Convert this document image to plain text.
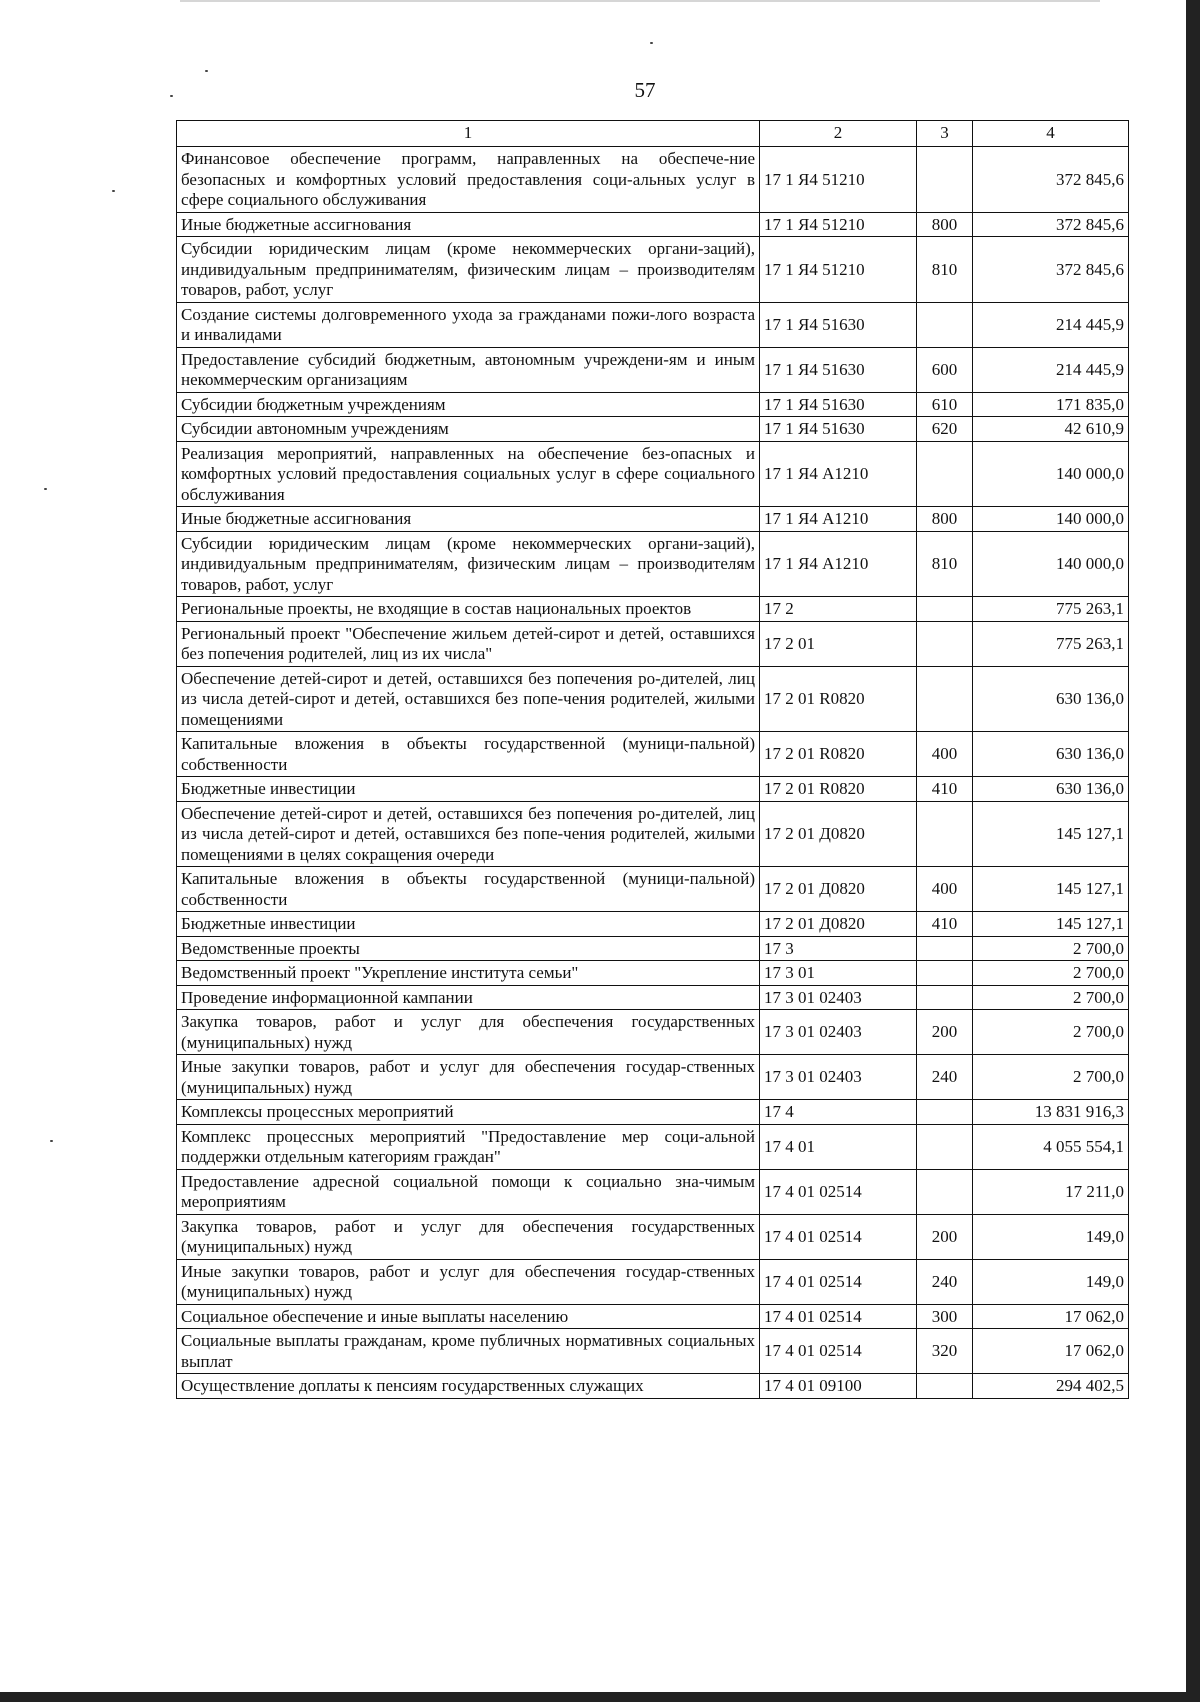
57
1	2	3	4
Финансовое обеспечение программ, направленных на обеспече-ние безопасных и комфортных условий предоставления соци-альных услуг в сфере социального обслуживания	17 1 Я4 51210		372 845,6
Иные бюджетные ассигнования	17 1 Я4 51210	800	372 845,6
Субсидии юридическим лицам (кроме некоммерческих органи-заций), индивидуальным предпринимателям, физическим лицам – производителям товаров, работ, услуг	17 1 Я4 51210	810	372 845,6
Создание системы долговременного ухода за гражданами пожи-лого возраста и инвалидами	17 1 Я4 51630		214 445,9
Предоставление субсидий бюджетным, автономным учреждени-ям и иным некоммерческим организациям	17 1 Я4 51630	600	214 445,9
Субсидии бюджетным учреждениям	17 1 Я4 51630	610	171 835,0
Субсидии автономным учреждениям	17 1 Я4 51630	620	42 610,9
Реализация мероприятий, направленных на обеспечение без-опасных и комфортных условий предоставления социальных услуг в сфере социального обслуживания	17 1 Я4 А1210		140 000,0
Иные бюджетные ассигнования	17 1 Я4 А1210	800	140 000,0
Субсидии юридическим лицам (кроме некоммерческих органи-заций), индивидуальным предпринимателям, физическим лицам – производителям товаров, работ, услуг	17 1 Я4 А1210	810	140 000,0
Региональные проекты, не входящие в состав национальных проектов	17 2		775 263,1
Региональный проект "Обеспечение жильем детей-сирот и детей, оставшихся без попечения родителей, лиц из их числа"	17 2 01		775 263,1
Обеспечение детей-сирот и детей, оставшихся без попечения ро-дителей, лиц из числа детей-сирот и детей, оставшихся без попе-чения родителей, жилыми помещениями	17 2 01 R0820		630 136,0
Капитальные вложения в объекты государственной (муници-пальной) собственности	17 2 01 R0820	400	630 136,0
Бюджетные инвестиции	17 2 01 R0820	410	630 136,0
Обеспечение детей-сирот и детей, оставшихся без попечения ро-дителей, лиц из числа детей-сирот и детей, оставшихся без попе-чения родителей, жилыми помещениями в целях сокращения очереди	17 2 01 Д0820		145 127,1
Капитальные вложения в объекты государственной (муници-пальной) собственности	17 2 01 Д0820	400	145 127,1
Бюджетные инвестиции	17 2 01 Д0820	410	145 127,1
Ведомственные проекты	17 3		2 700,0
Ведомственный проект "Укрепление института семьи"	17 3 01		2 700,0
Проведение информационной кампании	17 3 01 02403		2 700,0
Закупка товаров, работ и услуг для обеспечения государственных (муниципальных) нужд	17 3 01 02403	200	2 700,0
Иные закупки товаров, работ и услуг для обеспечения государ-ственных (муниципальных) нужд	17 3 01 02403	240	2 700,0
Комплексы процессных мероприятий	17 4		13 831 916,3
Комплекс процессных мероприятий "Предоставление мер соци-альной поддержки отдельным категориям граждан"	17 4 01		4 055 554,1
Предоставление адресной социальной помощи к социально зна-чимым мероприятиям	17 4 01 02514		17 211,0
Закупка товаров, работ и услуг для обеспечения государственных (муниципальных) нужд	17 4 01 02514	200	149,0
Иные закупки товаров, работ и услуг для обеспечения государ-ственных (муниципальных) нужд	17 4 01 02514	240	149,0
Социальное обеспечение и иные выплаты населению	17 4 01 02514	300	17 062,0
Социальные выплаты гражданам, кроме публичных нормативных социальных выплат	17 4 01 02514	320	17 062,0
Осуществление доплаты к пенсиям государственных служащих	17 4 01 09100		294 402,5
